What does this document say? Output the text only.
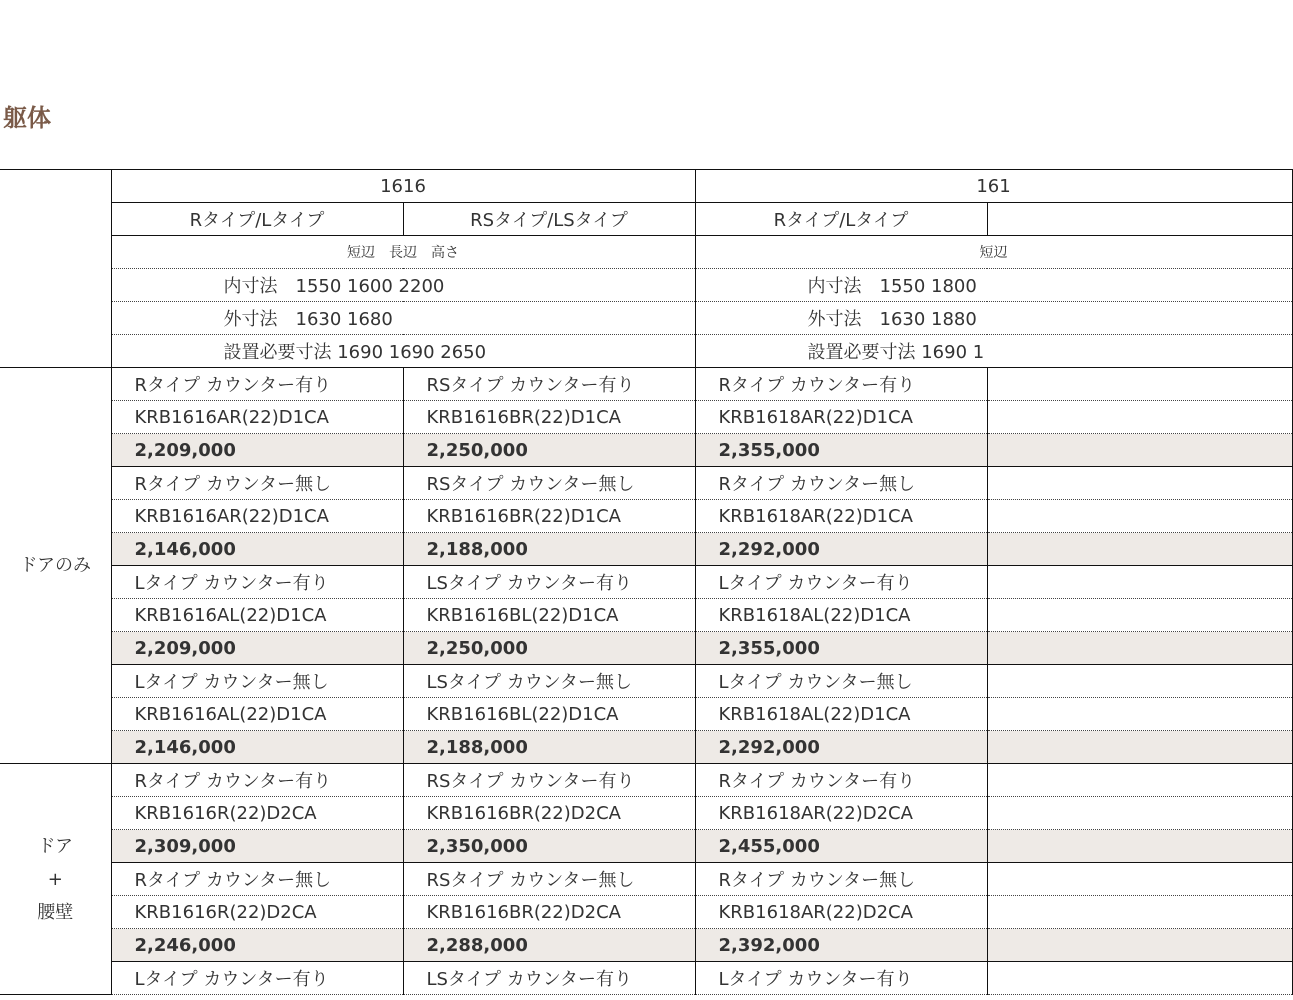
躯体
	1616		161	
	Rタイプ/Lタイプ	RSタイプ/LSタイプ	Rタイプ/Lタイプ	
	短辺　長辺　高さ		短辺　	
	内寸法　1550 1600 2200		内寸法　1550 1800	
	外寸法　1630 1680		外寸法　1630 1880	
	設置必要寸法 1690 1690 2650		設置必要寸法 1690 1	

ドアのみ	Rタイプ カウンター有り	RSタイプ カウンター有り	Rタイプ カウンター有り	
	KRB1616AR(22)D1CA	KRB1616BR(22)D1CA	KRB1618AR(22)D1CA	
	2,209,000	2,250,000	2,355,000	
	Rタイプ カウンター無し	RSタイプ カウンター無し	Rタイプ カウンター無し	
	KRB1616AR(22)D1CA	KRB1616BR(22)D1CA	KRB1618AR(22)D1CA	
	2,146,000	2,188,000	2,292,000	
	Lタイプ カウンター有り	LSタイプ カウンター有り	Lタイプ カウンター有り	
	KRB1616AL(22)D1CA	KRB1616BL(22)D1CA	KRB1618AL(22)D1CA	
	2,209,000	2,250,000	2,355,000	
	Lタイプ カウンター無し	LSタイプ カウンター無し	Lタイプ カウンター無し	
	KRB1616AL(22)D1CA	KRB1616BL(22)D1CA	KRB1618AL(22)D1CA	
	2,146,000	2,188,000	2,292,000	

ドア
+
腰壁	Rタイプ カウンター有り	RSタイプ カウンター有り	Rタイプ カウンター有り	
	KRB1616R(22)D2CA	KRB1616BR(22)D2CA	KRB1618AR(22)D2CA	
	2,309,000	2,350,000	2,455,000	
	Rタイプ カウンター無し	RSタイプ カウンター無し	Rタイプ カウンター無し	
	KRB1616R(22)D2CA	KRB1616BR(22)D2CA	KRB1618AR(22)D2CA	
	2,246,000	2,288,000	2,392,000	
	Lタイプ カウンター有り	LSタイプ カウンター有り	Lタイプ カウンター有り	
